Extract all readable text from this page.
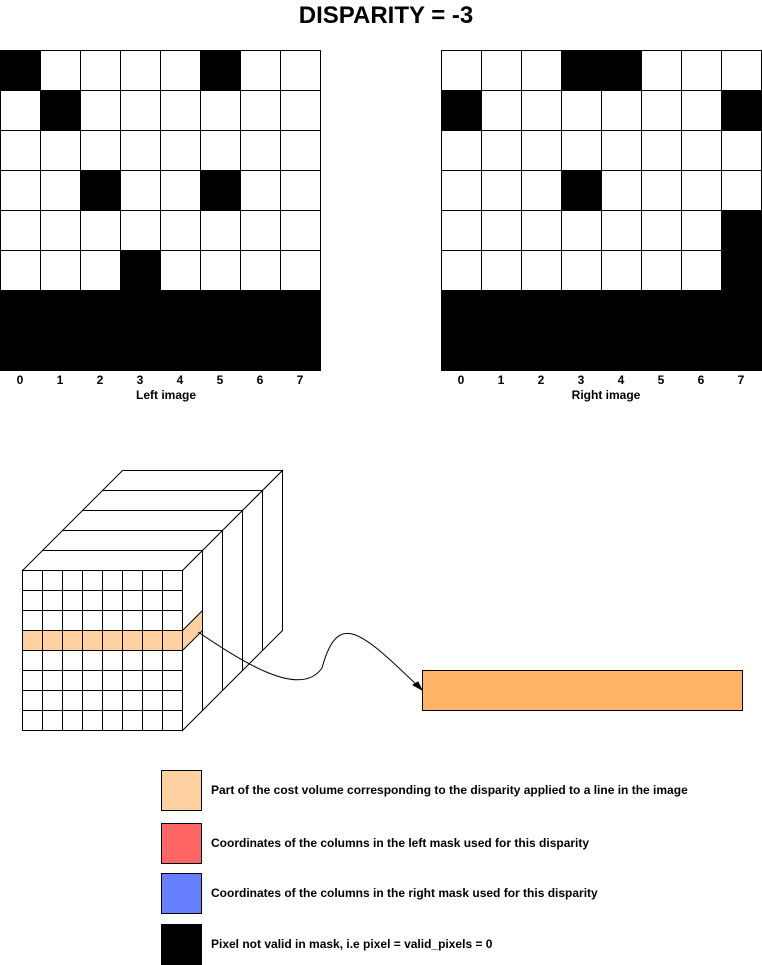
DISPARITY = -3
0	1	2	3	4	5	6	7
Left image
0	1	2	3	4	5	6	7
Right image
Part of the cost volume corresponding to the disparity applied to a line in the image
Coordinates of the columns in the left mask used for this disparity
Coordinates of the columns in the right mask used for this disparity
Pixel not valid in mask, i.e pixel = valid_pixels = 0
